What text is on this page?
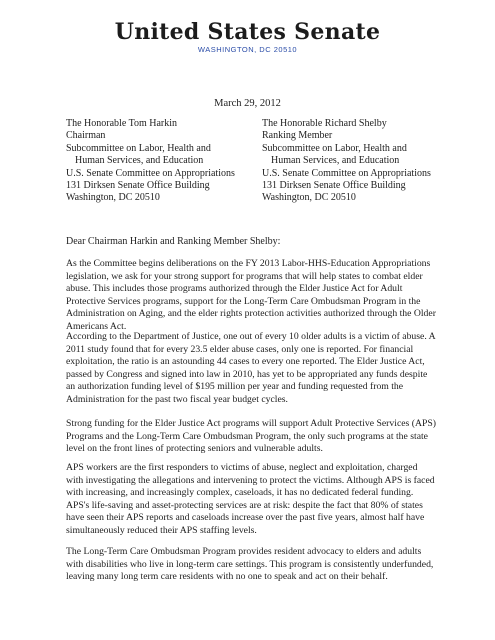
United States Senate
WASHINGTON, DC 20510
March 29, 2012
The Honorable Tom Harkin
Chairman
Subcommittee on Labor, Health and
Human Services, and Education
U.S. Senate Committee on Appropriations
131 Dirksen Senate Office Building
Washington, DC 20510
The Honorable Richard Shelby
Ranking Member
Subcommittee on Labor, Health and
Human Services, and Education
U.S. Senate Committee on Appropriations
131 Dirksen Senate Office Building
Washington, DC 20510
Dear Chairman Harkin and Ranking Member Shelby:

As the Committee begins deliberations on the FY 2013 Labor-HHS-Education Appropriations legislation, we ask for your strong support for programs that will help states to combat elder abuse. This includes those programs authorized through the Elder Justice Act for Adult Protective Services programs, support for the Long-Term Care Ombudsman Program in the Administration on Aging, and the elder rights protection activities authorized through the Older Americans Act.

According to the Department of Justice, one out of every 10 older adults is a victim of abuse. A 2011 study found that for every 23.5 elder abuse cases, only one is reported. For financial exploitation, the ratio is an astounding 44 cases to every one reported. The Elder Justice Act, passed by Congress and signed into law in 2010, has yet to be appropriated any funds despite an authorization funding level of $195 million per year and funding requested from the Administration for the past two fiscal year budget cycles.

Strong funding for the Elder Justice Act programs will support Adult Protective Services (APS) Programs and the Long-Term Care Ombudsman Program, the only such programs at the state level on the front lines of protecting seniors and vulnerable adults.

APS workers are the first responders to victims of abuse, neglect and exploitation, charged with investigating the allegations and intervening to protect the victims. Although APS is faced with increasing, and increasingly complex, caseloads, it has no dedicated federal funding. APS's life-saving and asset-protecting services are at risk: despite the fact that 80% of states have seen their APS reports and caseloads increase over the past five years, almost half have simultaneously reduced their APS staffing levels.

The Long-Term Care Ombudsman Program provides resident advocacy to elders and adults with disabilities who live in long-term care settings. This program is consistently underfunded, leaving many long term care residents with no one to speak and act on their behalf.
